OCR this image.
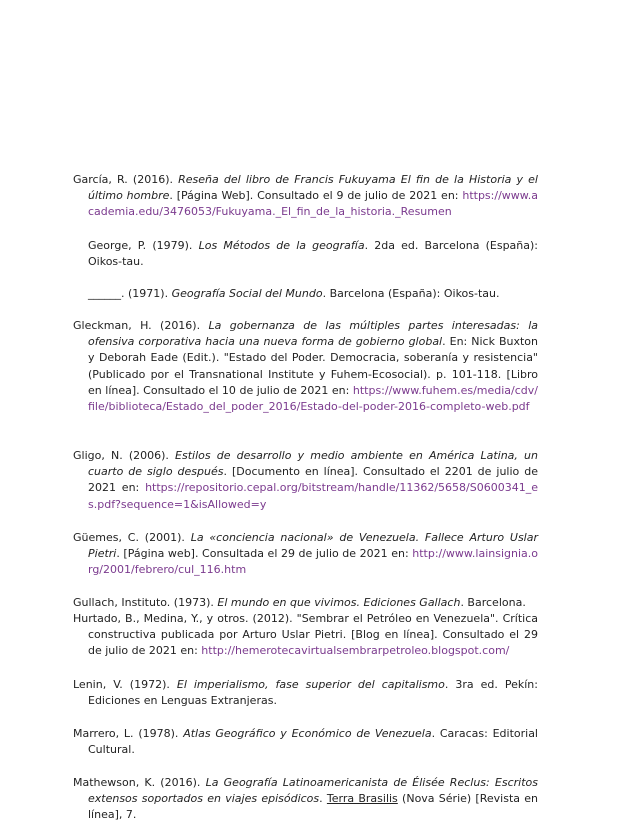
García, R. (2016). Reseña del libro de Francis Fukuyama El fin de la Historia y el último hombre. [Página Web]. Consultado el 9 de julio de 2021 en: https://www.academia.edu/3476053/Fukuyama._El_fin_de_la_historia._Resumen

George, P. (1979). Los Métodos de la geografía. 2da ed. Barcelona (España): Oikos-tau.

______. (1971). Geografía Social del Mundo. Barcelona (España): Oikos-tau.

Gleckman, H. (2016). La gobernanza de las múltiples partes interesadas: la ofensiva corporativa hacia una nueva forma de gobierno global. En: Nick Buxton y Deborah Eade (Edit.). "Estado del Poder. Democracia, soberanía y resistencia" (Publicado por el Transnational Institute y Fuhem-Ecosocial). p. 101-118. [Libro en línea]. Consultado el 10 de julio de 2021 en: https://www.fuhem.es/media/cdv/file/biblioteca/Estado_del_poder_2016/Estado-del-poder-2016-completo-web.pdf

Gligo, N. (2006). Estilos de desarrollo y medio ambiente en América Latina, un cuarto de siglo después. [Documento en línea]. Consultado el 2201 de julio de 2021 en: https://repositorio.cepal.org/bitstream/handle/11362/5658/S0600341_es.pdf?sequence=1&isAllowed=y

Güemes, C. (2001). La «conciencia nacional» de Venezuela. Fallece Arturo Uslar Pietri. [Página web]. Consultada el 29 de julio de 2021 en: http://www.lainsignia.org/2001/febrero/cul_116.htm

Gullach, Instituto. (1973). El mundo en que vivimos. Ediciones Gallach. Barcelona.

Hurtado, B., Medina, Y., y otros. (2012). "Sembrar el Petróleo en Venezuela". Crítica constructiva publicada por Arturo Uslar Pietri. [Blog en línea]. Consultado el 29 de julio de 2021 en: http://hemerotecavirtualsembrarpetroleo.blogspot.com/

Lenin, V. (1972). El imperialismo, fase superior del capitalismo. 3ra ed. Pekín: Ediciones en Lenguas Extranjeras.

Marrero, L. (1978). Atlas Geográfico y Económico de Venezuela. Caracas: Editorial Cultural.

Mathewson, K. (2016). La Geografía Latinoamericanista de Élisée Reclus: Escritos extensos soportados en viajes episódicos. Terra Brasilis (Nova Série) [Revista en línea], 7.
